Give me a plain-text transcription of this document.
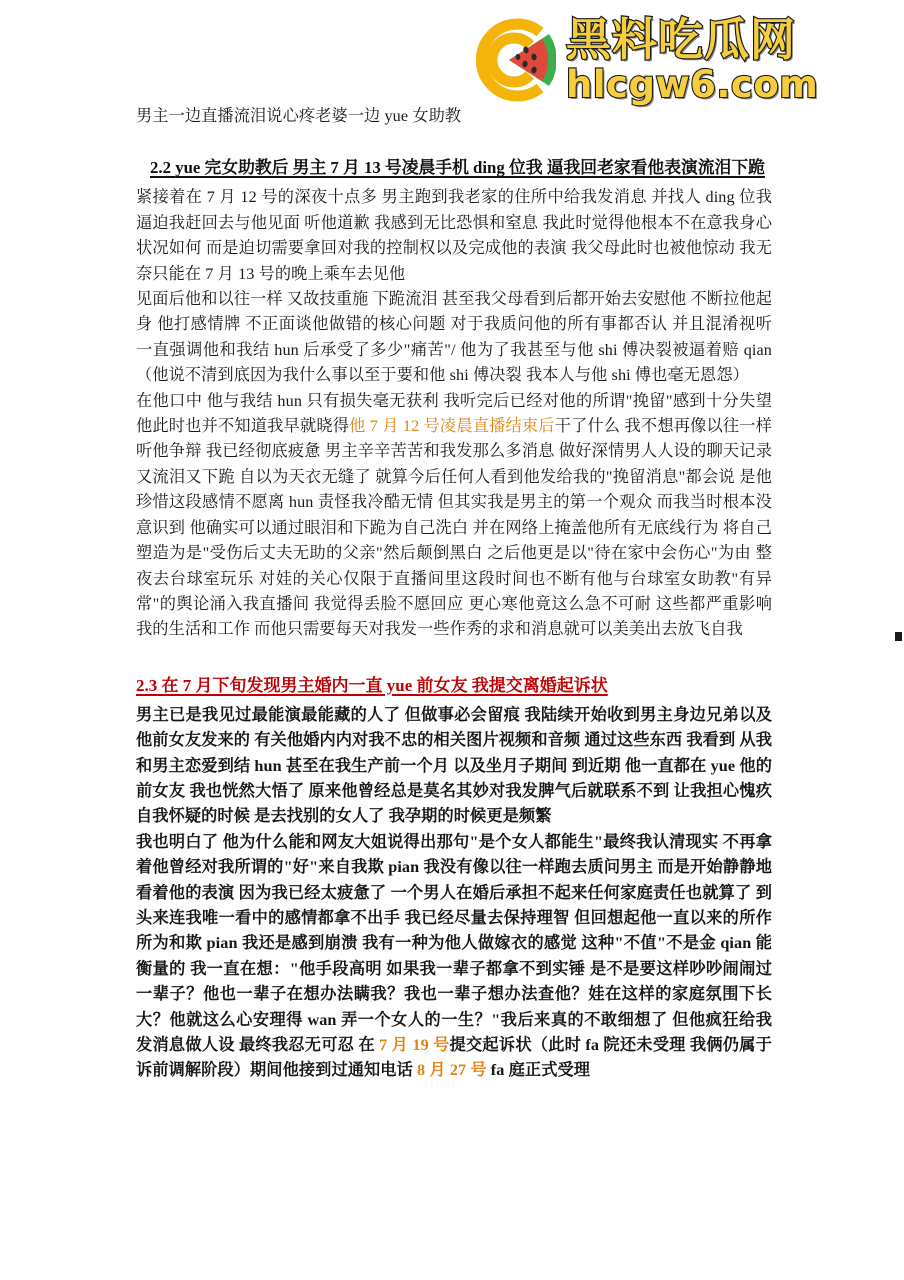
黑料吃瓜网
hlcgw6.com

男主一边直播流泪说心疼老婆一边 yue 女助教

2.2 yue 完女助教后 男主 7 月 13 号凌晨手机 ding 位我 逼我回老家看他表演流泪下跪

紧接着在 7 月 12 号的深夜十点多 男主跑到我老家的住所中给我发消息 并找人 ding 位我 逼迫我赶回去与他见面 听他道歉 我感到无比恐惧和窒息 我此时觉得他根本不在意我身心状况如何 而是迫切需要拿回对我的控制权以及完成他的表演 我父母此时也被他惊动 我无奈只能在 7 月 13 号的晚上乘车去见他

见面后他和以往一样 又故技重施 下跪流泪 甚至我父母看到后都开始去安慰他 不断拉他起身 他打感情牌 不正面谈他做错的核心问题 对于我质问他的所有事都否认 并且混淆视听 一直强调他和我结 hun 后承受了多少"痛苦"/ 他为了我甚至与他 shi 傅决裂被逼着赔 qian（他说不清到底因为我什么事以至于要和他 shi 傅决裂 我本人与他 shi 傅也毫无恩怨）

在他口中 他与我结 hun 只有损失毫无获利 我听完后已经对他的所谓"挽留"感到十分失望 他此时也并不知道我早就晓得他 7 月 12 号凌晨直播结束后干了什么 我不想再像以往一样听他争辩 我已经彻底疲惫 男主辛辛苦苦和我发那么多消息 做好深情男人人设的聊天记录 又流泪又下跪 自以为天衣无缝了 就算今后任何人看到他发给我的"挽留消息"都会说 是他珍惜这段感情不愿离 hun 责怪我冷酷无情 但其实我是男主的第一个观众 而我当时根本没意识到 他确实可以通过眼泪和下跪为自己洗白 并在网络上掩盖他所有无底线行为 将自己塑造为是"受伤后丈夫无助的父亲"然后颠倒黑白 之后他更是以"待在家中会伤心"为由 整夜去台球室玩乐 对娃的关心仅限于直播间里这段时间也不断有他与台球室女助教"有异常"的舆论涌入我直播间 我觉得丢脸不愿回应 更心寒他竟这么急不可耐 这些都严重影响我的生活和工作 而他只需要每天对我发一些作秀的求和消息就可以美美出去放飞自我

2.3 在 7 月下旬发现男主婚内一直 yue 前女友 我提交离婚起诉状

男主已是我见过最能演最能藏的人了 但做事必会留痕 我陆续开始收到男主身边兄弟以及他前女友发来的 有关他婚内内对我不忠的相关图片视频和音频 通过这些东西 我看到 从我和男主恋爱到结 hun 甚至在我生产前一个月 以及坐月子期间 到近期 他一直都在 yue 他的前女友 我也恍然大悟了 原来他曾经总是莫名其妙对我发脾气后就联系不到 让我担心愧疚自我怀疑的时候 是去找别的女人了 我孕期的时候更是频繁

我也明白了 他为什么能和网友大姐说得出那句"是个女人都能生"最终我认清现实 不再拿着他曾经对我所谓的"好"来自我欺 pian 我没有像以往一样跑去质问男主 而是开始静静地看着他的表演 因为我已经太疲惫了 一个男人在婚后承担不起来任何家庭责任也就算了 到头来连我唯一看中的感情都拿不出手 我已经尽量去保持理智 但回想起他一直以来的所作所为和欺 pian 我还是感到崩溃 我有一种为他人做嫁衣的感觉 这种"不值"不是金 qian 能衡量的 我一直在想："他手段高明 如果我一辈子都拿不到实锤 是不是要这样吵吵闹闹过一辈子？他也一辈子在想办法瞒我？我也一辈子想办法查他？娃在这样的家庭氛围下长大？他就这么心安理得 wan 弄一个女人的一生？"我后来真的不敢细想了 但他疯狂给我发消息做人设 最终我忍无可忍 在 7 月 19 号提交起诉状（此时 fa 院还未受理 我俩仍属于诉前调解阶段）期间他接到过通知电话 8 月 27 号 fa 庭正式受理
